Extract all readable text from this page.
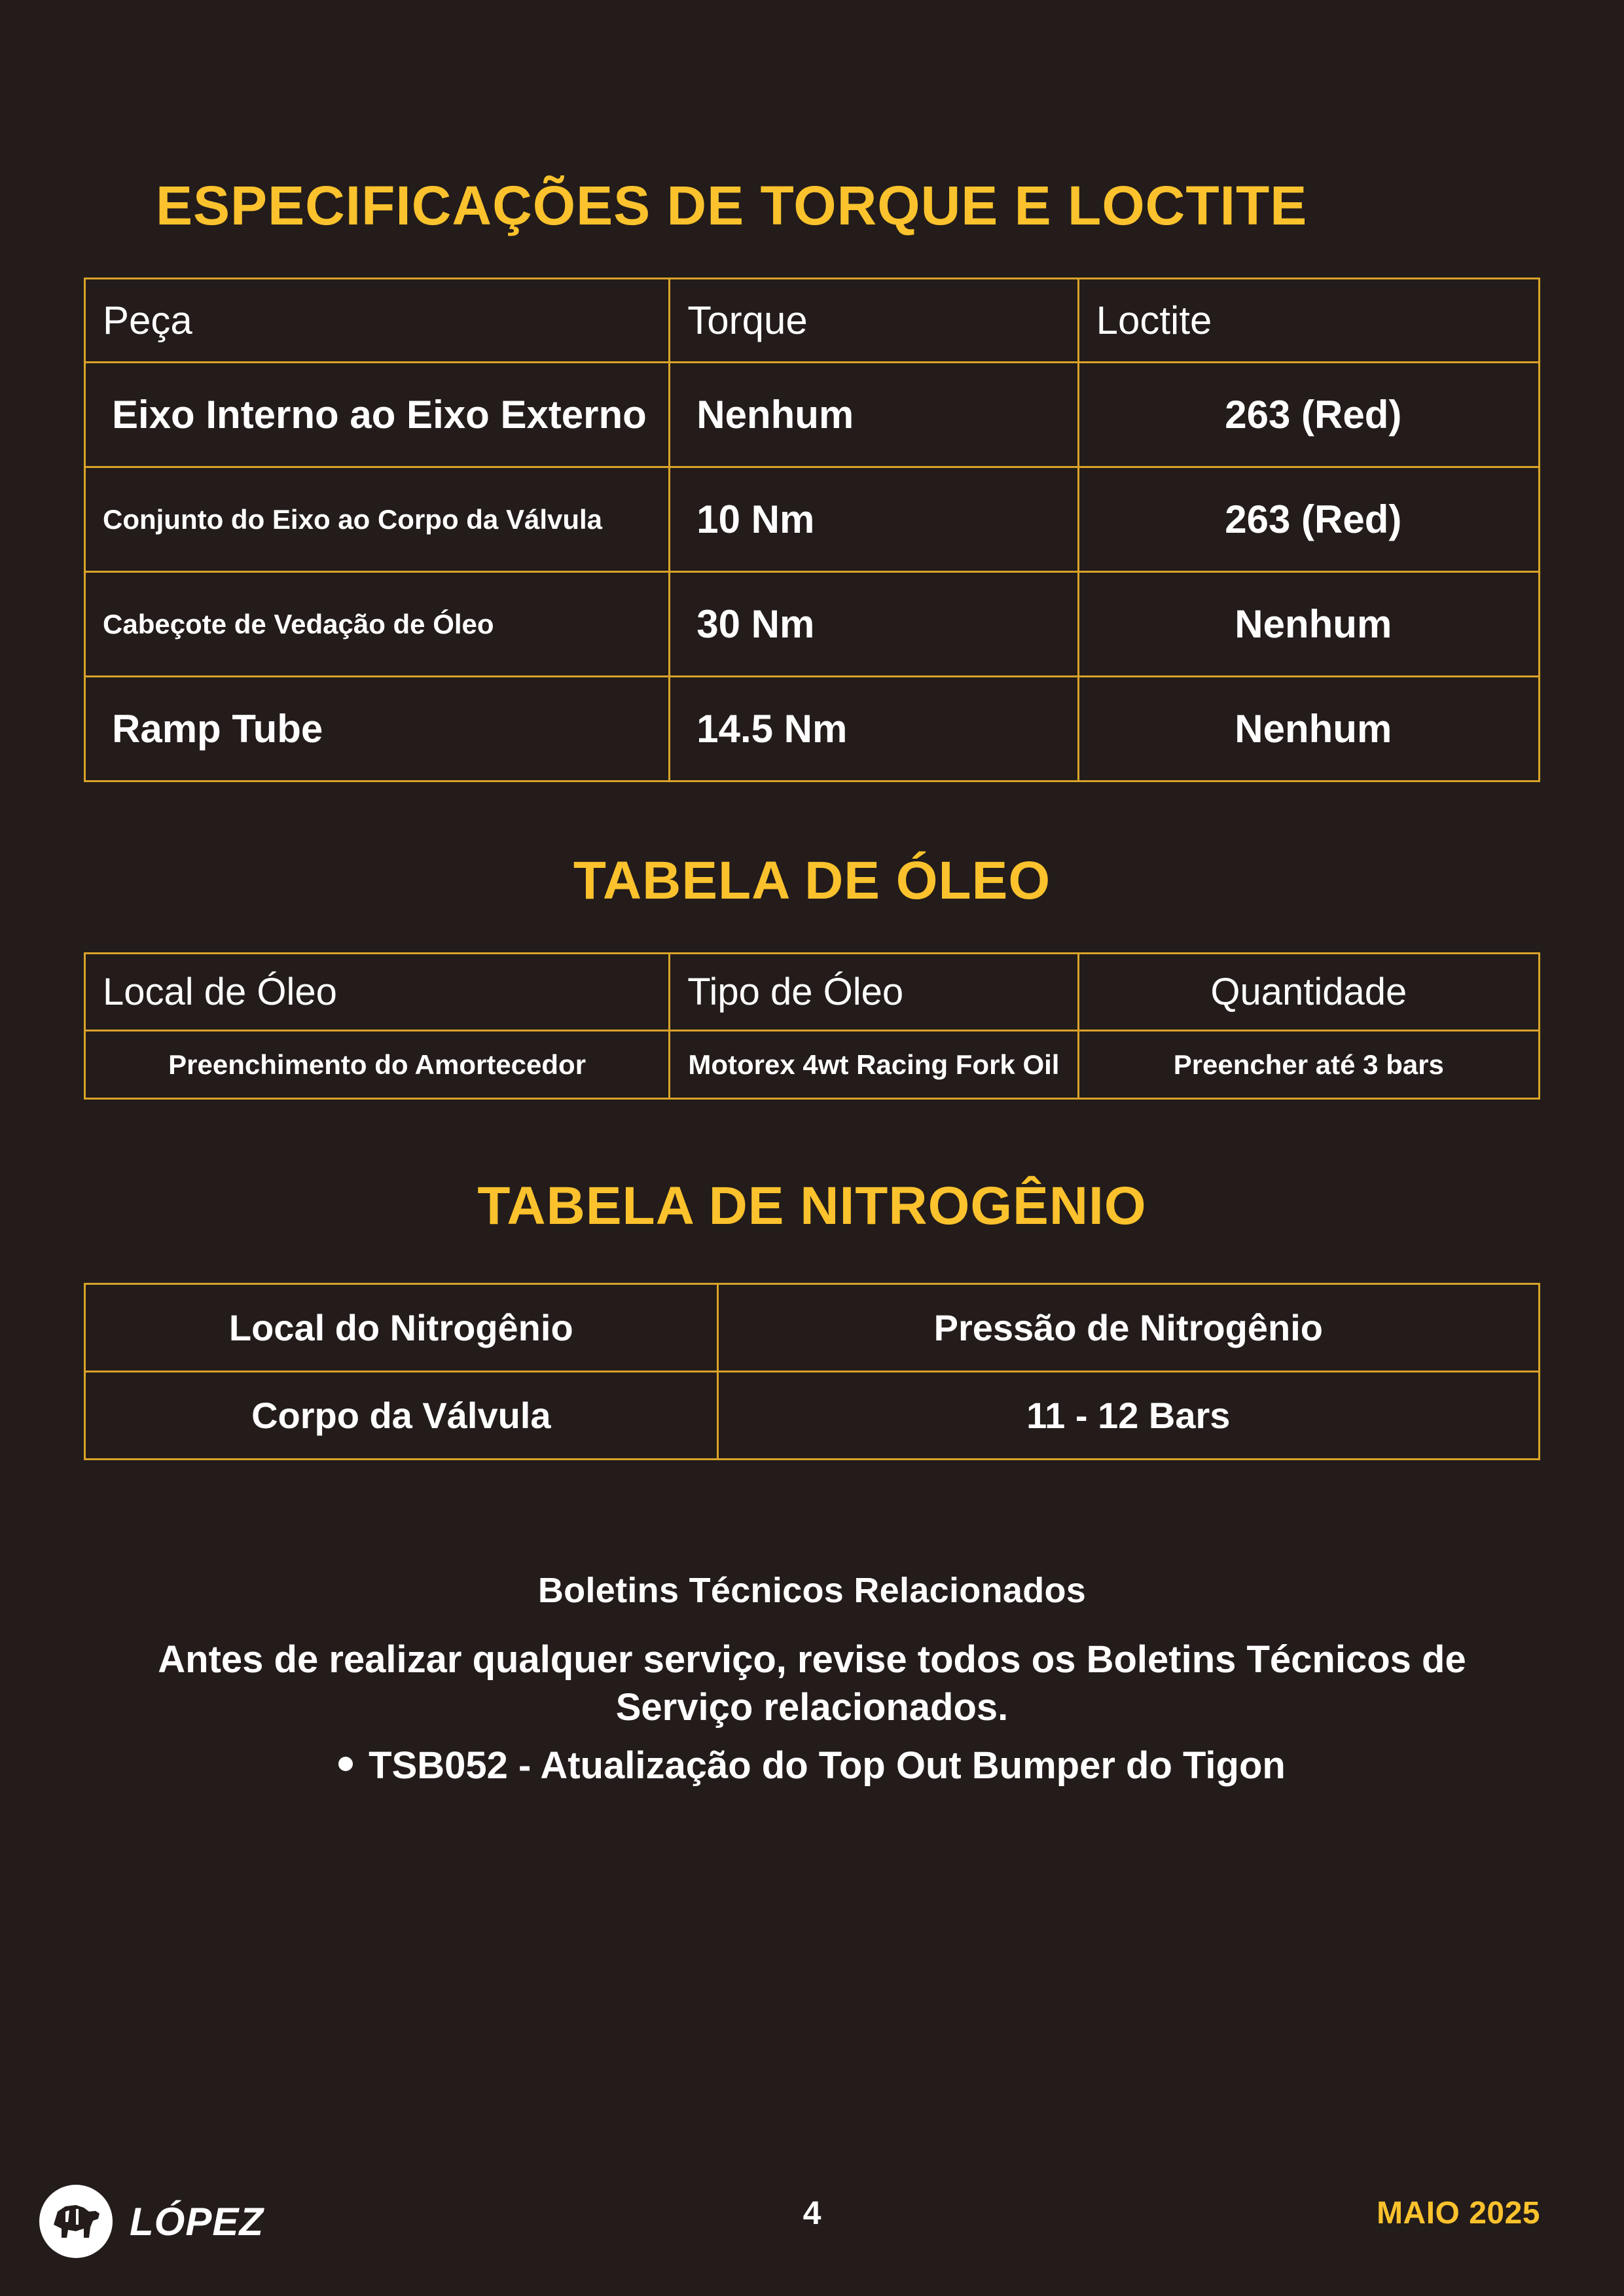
ESPECIFICAÇÕES DE TORQUE E LOCTITE
Peça	Torque	Loctite
Eixo Interno ao Eixo Externo	Nenhum	263 (Red)
Conjunto do Eixo ao Corpo da Válvula	10 Nm	263 (Red)
Cabeçote de Vedação de Óleo	30 Nm	Nenhum
Ramp Tube	14.5 Nm	Nenhum
TABELA DE ÓLEO
Local de Óleo	Tipo de Óleo	Quantidade
Preenchimento do Amortecedor	Motorex 4wt Racing Fork Oil	Preencher até 3 bars
TABELA DE NITROGÊNIO
Local do Nitrogênio	Pressão de Nitrogênio
Corpo da Válvula	11 - 12 Bars
Boletins Técnicos Relacionados
Antes de realizar qualquer serviço, revise todos os Boletins Técnicos de Serviço relacionados.
TSB052 - Atualização do Top Out Bumper do Tigon
LÓPEZ	4	MAIO 2025
